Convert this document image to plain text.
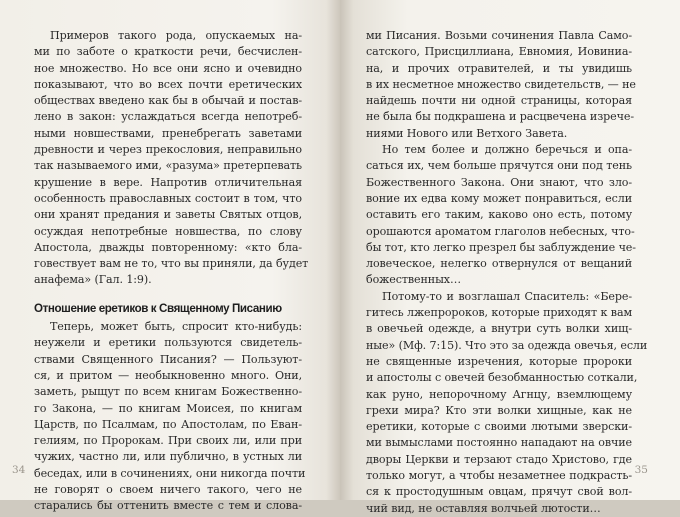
Примеров такого рода, опускаемых на-
ми по заботе о краткости речи, бесчислен-
ное множество. Но все они ясно и очевидно
показывают, что во всех почти еретических
обществах введено как бы в обычай и постав-
лено в закон: услаждаться всегда непотреб-
ными новшествами, пренебрегать заветами
древности и через прекословия, неправильно
так называемого ими, «разума» претерпевать
крушение в вере. Напротив отличительная
особенность православных состоит в том, что
они хранят предания и заветы Святых отцов,
осуждая непотребные новшества, по слову
Апостола, дважды повторенному: «кто бла-
говествует вам не то, что вы приняли, да будет
анафема» (Гал. 1:9).
Отношение еретиков к Священному Писанию
Теперь, может быть, спросит кто-нибудь:
неужели и еретики пользуются свидетель-
ствами Священного Писания? — Пользуют-
ся, и притом — необыкновенно много. Они,
заметь, рыщут по всем книгам Божественно-
го Закона, — по книгам Моисея, по книгам
Царств, по Псалмам, по Апостолам, по Еван-
гелиям, по Пророкам. При своих ли, или при
чужих, частно ли, или публично, в устных ли
беседах, или в сочинениях, они никогда почти
не говорят о своем ничего такого, чего не
старались бы оттенить вместе с тем и слова-
34
ми Писания. Возьми сочинения Павла Само-
сатского, Присциллиана, Евномия, Иовиниа-
на, и прочих отравителей, и ты увидишь
в их несметное множество свидетельств, — не
найдешь почти ни одной страницы, которая
не была бы подкрашена и расцвечена изрече-
ниями Нового или Ветхого Завета.
Но тем более и должно беречься и опа-
саться их, чем больше прячутся они под тень
Божественного Закона. Они знают, что зло-
воние их едва кому может понравиться, если
оставить его таким, каково оно есть, потому
орошаются ароматом глаголов небесных, что-
бы тот, кто легко презрел бы заблуждение че-
ловеческое, нелегко отвернулся от вещаний
божественных…
Потому-то и возглашал Спаситель: «Бере-
гитесь лжепророков, которые приходят к вам
в овечьей одежде, а внутри суть волки хищ-
ные» (Мф. 7:15). Что это за одежда овечья, если
не священные изречения, которые пророки
и апостолы с овечей безобманностью соткали,
как руно, непорочному Агнцу, вземлющему
грехи мира? Кто эти волки хищные, как не
еретики, которые с своими лютыми зверски-
ми вымыслами постоянно нападают на овчие
дворы Церкви и терзают стадо Христово, где
только могут, а чтобы незаметнее подкрасть-
ся к простодушным овцам, прячут свой вол-
чий вид, не оставляя волчьей лютости…
35
